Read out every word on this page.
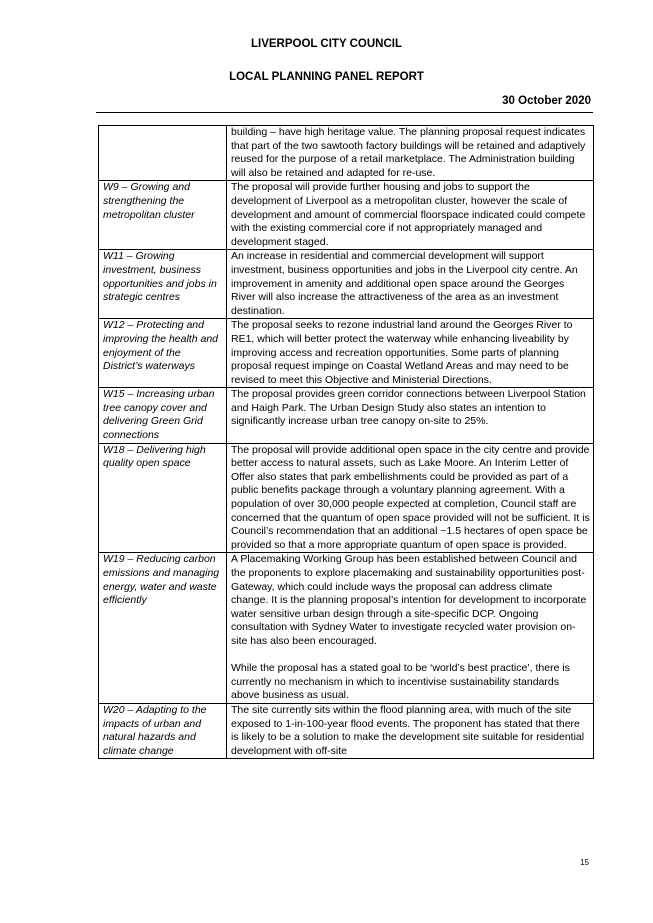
LIVERPOOL CITY COUNCIL
LOCAL PLANNING PANEL REPORT
30 October 2020
	building – have high heritage value. The planning proposal request indicates that part of the two sawtooth factory buildings will be retained and adaptively reused for the purpose of a retail marketplace. The Administration building will also be retained and adapted for re-use.
W9 – Growing and strengthening the metropolitan cluster	The proposal will provide further housing and jobs to support the development of Liverpool as a metropolitan cluster, however the scale of development and amount of commercial floorspace indicated could compete with the existing commercial core if not appropriately managed and development staged.
W11 – Growing investment, business opportunities and jobs in strategic centres	An increase in residential and commercial development will support investment, business opportunities and jobs in the Liverpool city centre. An improvement in amenity and additional open space around the Georges River will also increase the attractiveness of the area as an investment destination.
W12 – Protecting and improving the health and enjoyment of the District’s waterways	The proposal seeks to rezone industrial land around the Georges River to RE1, which will better protect the waterway while enhancing liveability by improving access and recreation opportunities. Some parts of planning proposal request impinge on Coastal Wetland Areas and may need to be revised to meet this Objective and Ministerial Directions.
W15 – Increasing urban tree canopy cover and delivering Green Grid connections	The proposal provides green corridor connections between Liverpool Station and Haigh Park. The Urban Design Study also states an intention to significantly increase urban tree canopy on-site to 25%.
W18 – Delivering high quality open space	The proposal will provide additional open space in the city centre and provide better access to natural assets, such as Lake Moore. An Interim Letter of Offer also states that park embellishments could be provided as part of a public benefits package through a voluntary planning agreement. With a population of over 30,000 people expected at completion, Council staff are concerned that the quantum of open space provided will not be sufficient. It is Council’s recommendation that an additional ~1.5 hectares of open space be provided so that a more appropriate quantum of open space is provided.
W19 – Reducing carbon emissions and managing energy, water and waste efficiently	A Placemaking Working Group has been established between Council and the proponents to explore placemaking and sustainability opportunities post-Gateway, which could include ways the proposal can address climate change. It is the planning proposal’s intention for development to incorporate water sensitive urban design through a site-specific DCP. Ongoing consultation with Sydney Water to investigate recycled water provision on-site has also been encouraged.
While the proposal has a stated goal to be ‘world’s best practice’, there is currently no mechanism in which to incentivise sustainability standards above business as usual.

W20 – Adapting to the impacts of urban and natural hazards and climate change	The site currently sits within the flood planning area, with much of the site exposed to 1-in-100-year flood events. The proponent has stated that there is likely to be a solution to make the development site suitable for residential development with off-site
15
